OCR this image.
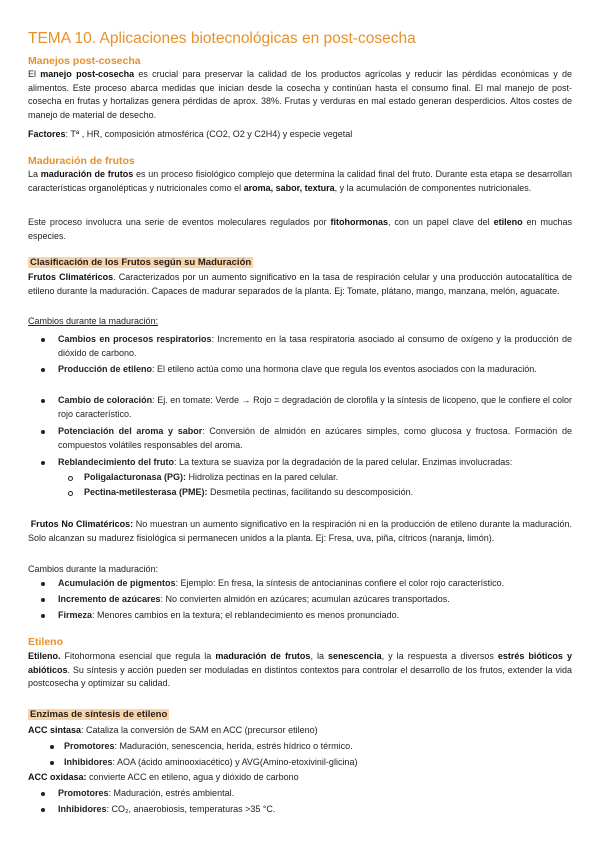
TEMA 10. Aplicaciones biotecnológicas en post-cosecha
Manejos post-cosecha
El manejo post-cosecha es crucial para preservar la calidad de los productos agrícolas y reducir las pérdidas económicas y de alimentos. Este proceso abarca medidas que inician desde la cosecha y continúan hasta el consumo final. El mal manejo de post-cosecha en frutas y hortalizas genera pérdidas de aprox. 38%. Frutas y verduras en mal estado generan desperdicios. Altos costes de manejo de material de desecho.
Factores: Tª , HR, composición atmosférica (CO2, O2 y C2H4) y especie vegetal
Maduración de frutos
La maduración de frutos es un proceso fisiológico complejo que determina la calidad final del fruto. Durante esta etapa se desarrollan características organolépticas y nutricionales como el aroma, sabor, textura, y la acumulación de componentes nutricionales.
Este proceso involucra una serie de eventos moleculares regulados por fitohormonas, con un papel clave del etileno en muchas especies.
Clasificación de los Frutos según su Maduración
Frutos Climatéricos. Caracterizados por un aumento significativo en la tasa de respiración celular y una producción autocatalítica de etileno durante la maduración. Capaces de madurar separados de la planta. Ej: Tomate, plátano, mango, manzana, melón, aguacate.
Cambios durante la maduración:
Cambios en procesos respiratorios: Incremento en la tasa respiratoria asociado al consumo de oxígeno y la producción de dióxido de carbono.
Producción de etileno: El etileno actúa como una hormona clave que regula los eventos asociados con la maduración.
Cambio de coloración: Ej. en tomate: Verde → Rojo = degradación de clorofila y la síntesis de licopeno, que le confiere el color rojo característico.
Potenciación del aroma y sabor: Conversión de almidón en azúcares simples, como glucosa y fructosa. Formación de compuestos volátiles responsables del aroma.
Reblandecimiento del fruto: La textura se suaviza por la degradación de la pared celular. Enzimas involucradas:
Poligalacturonasa (PG): Hidroliza pectinas en la pared celular.
Pectina-metilesterasa (PME): Desmetila pectinas, facilitando su descomposición.
Frutos No Climatéricos: No muestran un aumento significativo en la respiración ni en la producción de etileno durante la maduración. Solo alcanzan su madurez fisiológica si permanecen unidos a la planta. Ej: Fresa, uva, piña, cítricos (naranja, limón).
Cambios durante la maduración:
Acumulación de pigmentos: Ejemplo: En fresa, la síntesis de antocianinas confiere el color rojo característico.
Incremento de azúcares: No convierten almidón en azúcares; acumulan azúcares transportados.
Firmeza: Menores cambios en la textura; el reblandecimiento es menos pronunciado.
Etileno
Etileno. Fitohormona esencial que regula la maduración de frutos, la senescencia, y la respuesta a diversos estrés bióticos y abióticos. Su síntesis y acción pueden ser moduladas en distintos contextos para controlar el desarrollo de los frutos, extender la vida postcosecha y optimizar su calidad.
Enzimas de síntesis de etileno
ACC sintasa: Cataliza la conversión de SAM en ACC (precursor etileno)
Promotores: Maduración, senescencia, herida, estrés hídrico o térmico.
Inhibidores: AOA (ácido aminooxiacético) y AVG(Amino-etoxivinil-glicina)
ACC oxidasa: convierte ACC en etileno, agua y dióxido de carbono
Promotores: Maduración, estrés ambiental.
Inhibidores: CO₂, anaerobiosis, temperaturas >35 °C.
